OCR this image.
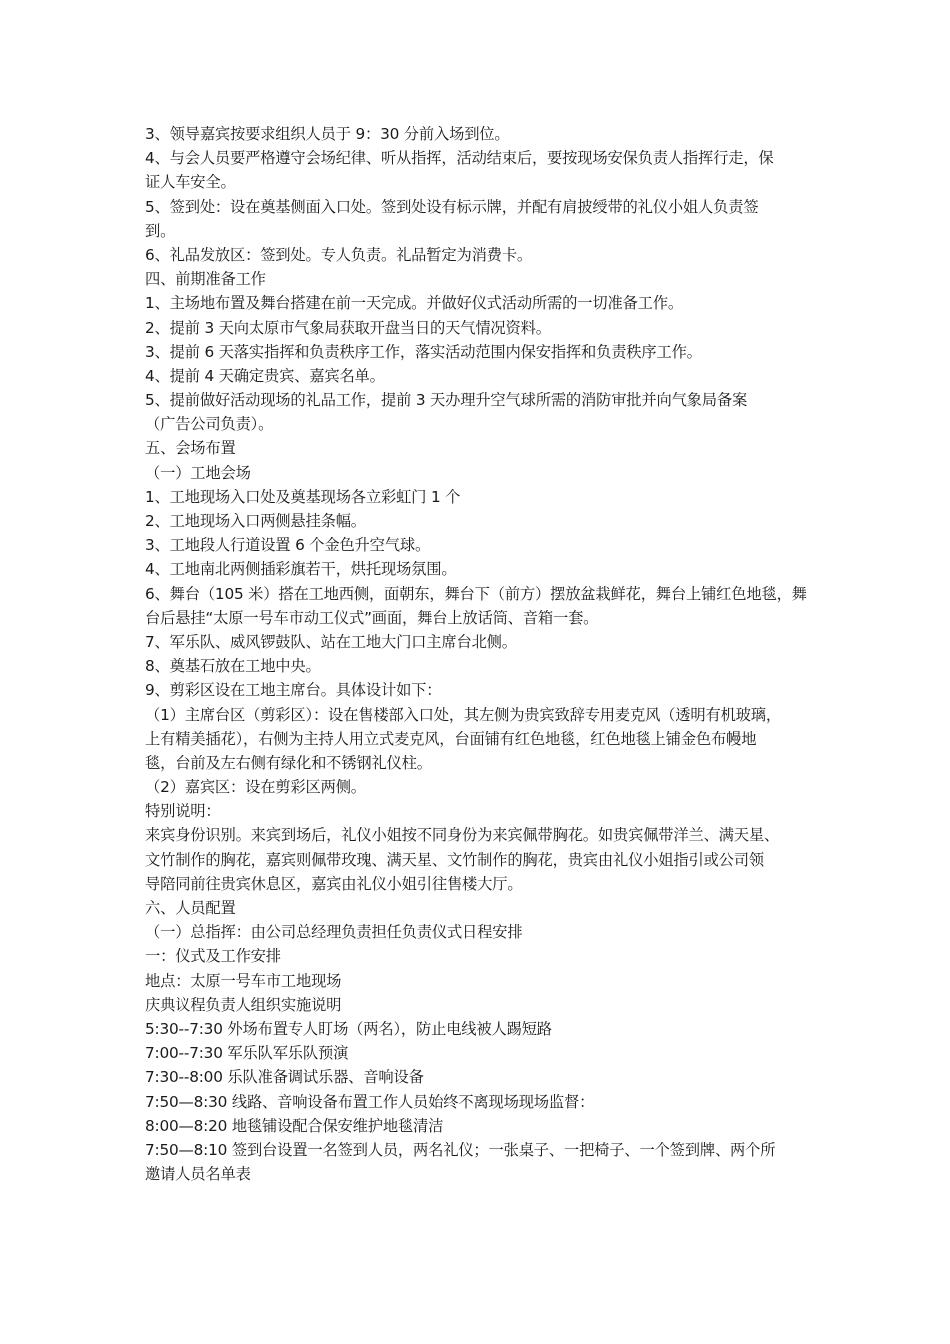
3、领导嘉宾按要求组织人员于 9：30 分前入场到位。
4、与会人员要严格遵守会场纪律、听从指挥，活动结束后，要按现场安保负责人指挥行走，保
证人车安全。
5、签到处：设在奠基侧面入口处。签到处设有标示牌，并配有肩披绶带的礼仪小姐人负责签
到。
6、礼品发放区：签到处。专人负责。礼品暂定为消费卡。
四、前期准备工作
1、主场地布置及舞台搭建在前一天完成。并做好仪式活动所需的一切准备工作。
2、提前 3 天向太原市气象局获取开盘当日的天气情况资料。
3、提前 6 天落实指挥和负责秩序工作，落实活动范围内保安指挥和负责秩序工作。
4、提前 4 天确定贵宾、嘉宾名单。
5、提前做好活动现场的礼品工作，提前 3 天办理升空气球所需的消防审批并向气象局备案
（广告公司负责）。
五、会场布置
（一）工地会场
1、工地现场入口处及奠基现场各立彩虹门 1 个
2、工地现场入口两侧悬挂条幅。
3、工地段人行道设置 6 个金色升空气球。
4、工地南北两侧插彩旗若干，烘托现场氛围。
6、舞台（105 米）搭在工地西侧，面朝东，舞台下（前方）摆放盆栽鲜花，舞台上铺红色地毯，舞
台后悬挂“太原一号车市动工仪式”画面，舞台上放话筒、音箱一套。
7、军乐队、威风锣鼓队、站在工地大门口主席台北侧。
8、奠基石放在工地中央。
9、剪彩区设在工地主席台。具体设计如下：
（1）主席台区（剪彩区）：设在售楼部入口处，其左侧为贵宾致辞专用麦克风（透明有机玻璃，
上有精美插花），右侧为主持人用立式麦克风，台面铺有红色地毯，红色地毯上铺金色布幔地
毯，台前及左右侧有绿化和不锈钢礼仪柱。
（2）嘉宾区：设在剪彩区两侧。
特别说明：
来宾身份识别。来宾到场后，礼仪小姐按不同身份为来宾佩带胸花。如贵宾佩带洋兰、满天星、
文竹制作的胸花，嘉宾则佩带玫瑰、满天星、文竹制作的胸花，贵宾由礼仪小姐指引或公司领
导陪同前往贵宾休息区，嘉宾由礼仪小姐引往售楼大厅。
六、人员配置
（一）总指挥：由公司总经理负责担任负责仪式日程安排
一：仪式及工作安排
地点：太原一号车市工地现场
庆典议程负责人组织实施说明
5:30--7:30 外场布置专人盯场（两名），防止电线被人踢短路
7:00--7:30 军乐队军乐队预演
7:30--8:00 乐队准备调试乐器、音响设备
7:50—8:30 线路、音响设备布置工作人员始终不离现场现场监督：
8:00—8:20 地毯铺设配合保安维护地毯清洁
7:50—8:10 签到台设置一名签到人员，两名礼仪；一张桌子、一把椅子、一个签到牌、两个所
邀请人员名单表
